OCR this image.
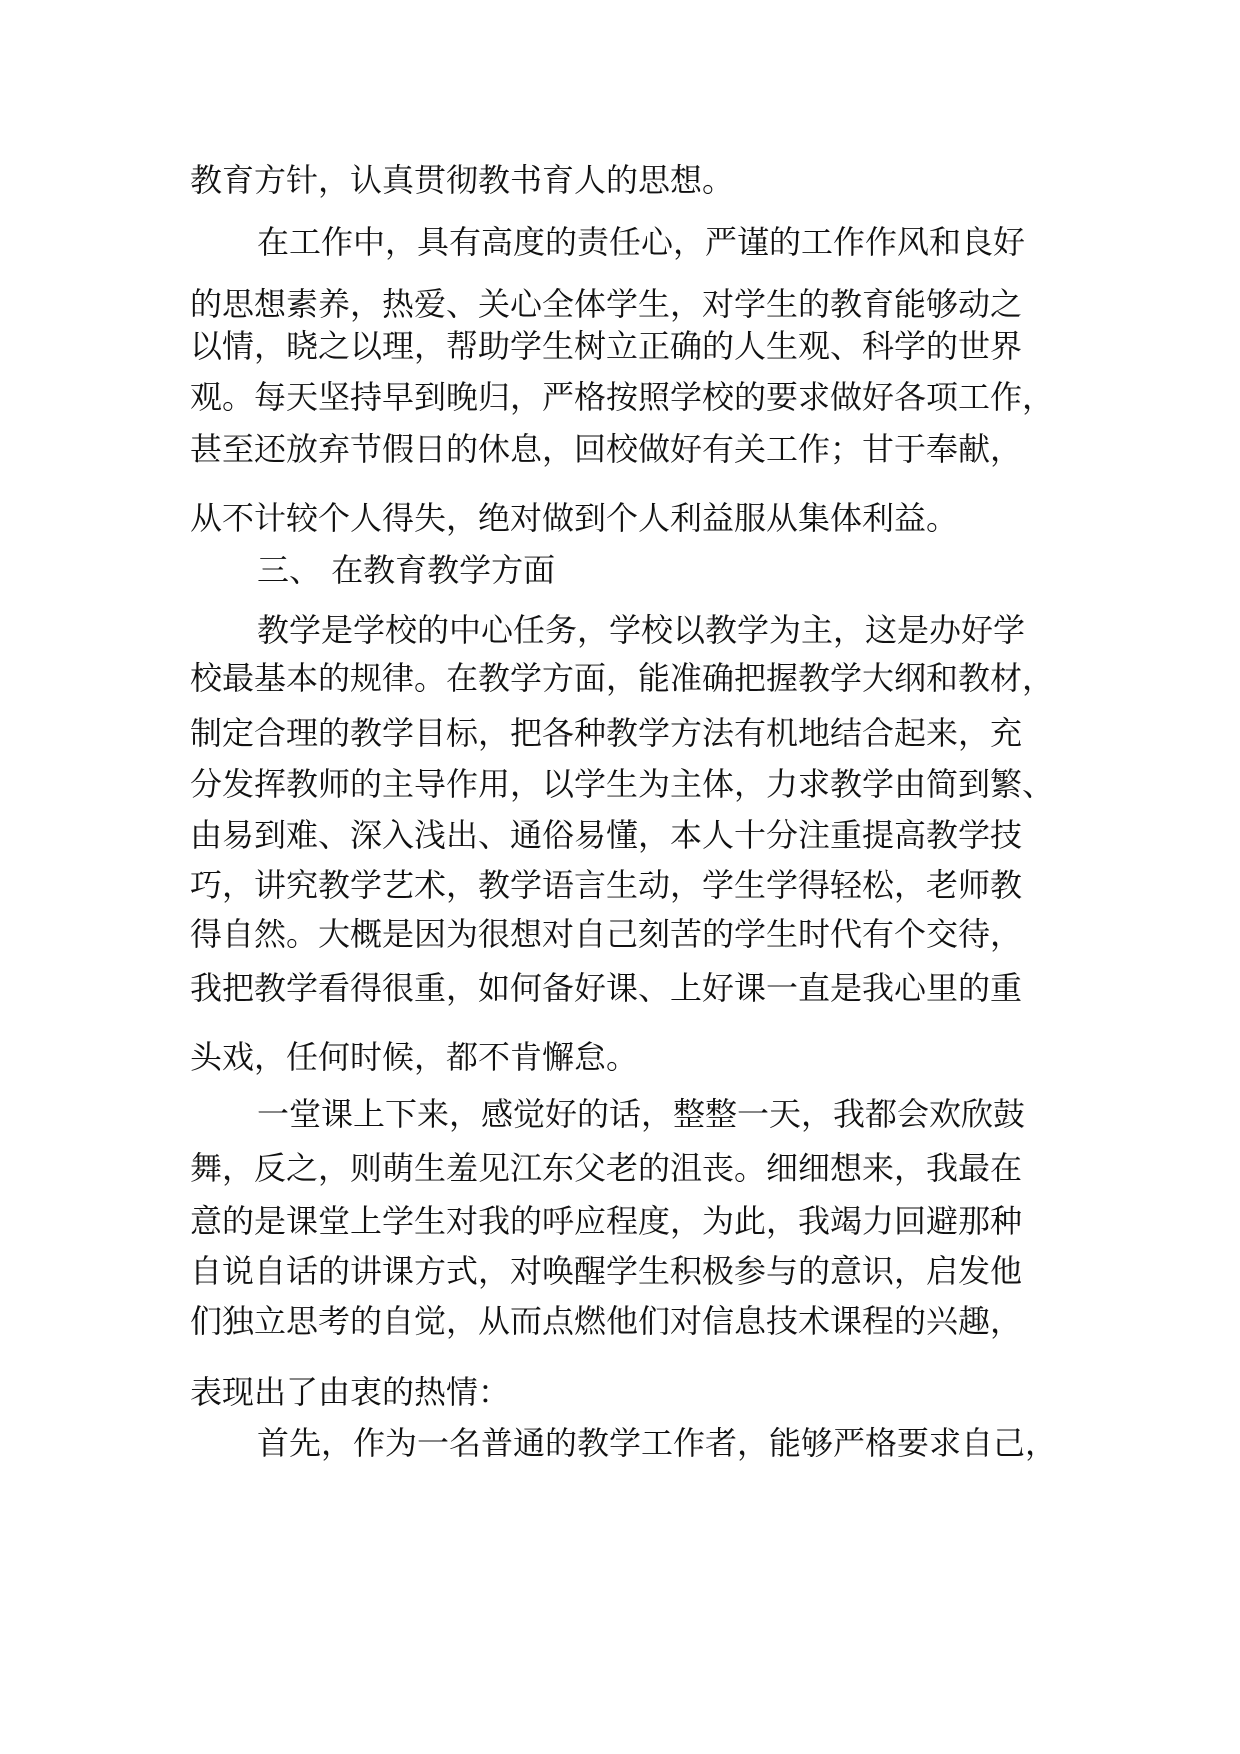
教育方针，认真贯彻教书育人的思想。
在工作中，具有高度的责任心，严谨的工作作风和良好
的思想素养，热爱、关心全体学生，对学生的教育能够动之
以情，晓之以理，帮助学生树立正确的人生观、科学的世界
观。每天坚持早到晚归，严格按照学校的要求做好各项工作，
甚至还放弃节假日的休息，回校做好有关工作；甘于奉献，
从不计较个人得失，绝对做到个人利益服从集体利益。
三、 在教育教学方面
教学是学校的中心任务，学校以教学为主，这是办好学
校最基本的规律。在教学方面，能准确把握教学大纲和教材，
制定合理的教学目标，把各种教学方法有机地结合起来，充
分发挥教师的主导作用，以学生为主体，力求教学由简到繁、
由易到难、深入浅出、通俗易懂，本人十分注重提高教学技
巧，讲究教学艺术，教学语言生动，学生学得轻松，老师教
得自然。大概是因为很想对自己刻苦的学生时代有个交待，
我把教学看得很重，如何备好课、上好课一直是我心里的重
头戏，任何时候，都不肯懈怠。
一堂课上下来，感觉好的话，整整一天，我都会欢欣鼓
舞，反之，则萌生羞见江东父老的沮丧。细细想来，我最在
意的是课堂上学生对我的呼应程度，为此，我竭力回避那种
自说自话的讲课方式，对唤醒学生积极参与的意识，启发他
们独立思考的自觉，从而点燃他们对信息技术课程的兴趣，
表现出了由衷的热情：
首先，作为一名普通的教学工作者，能够严格要求自己，
